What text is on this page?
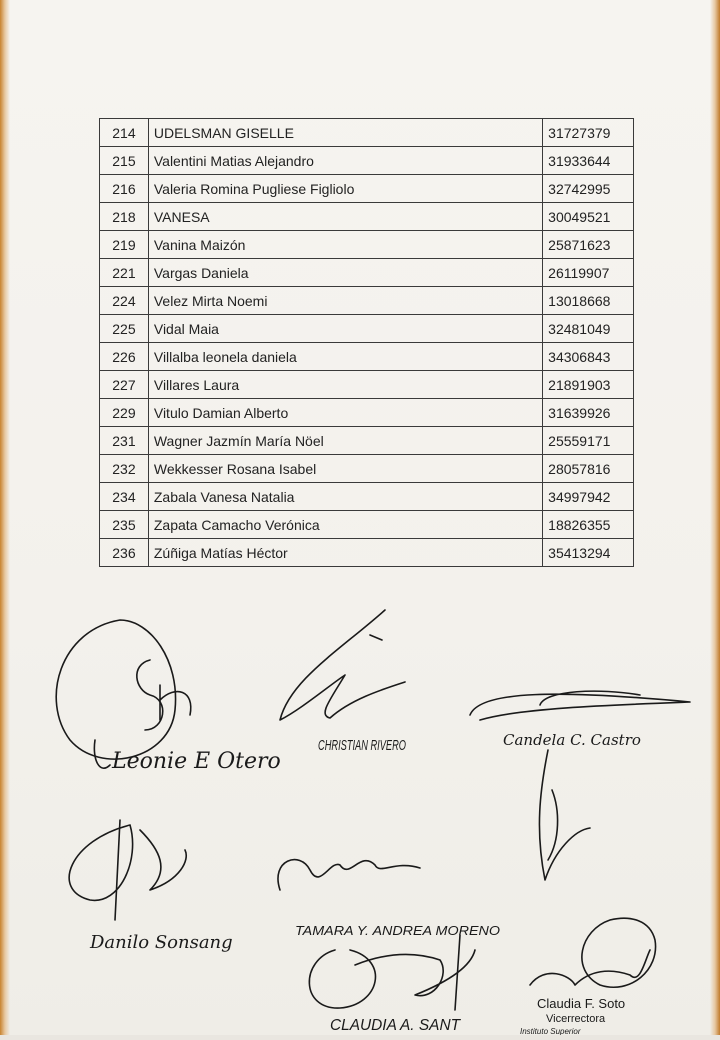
214	UDELSMAN GISELLE	31727379
215	Valentini Matias Alejandro	31933644
216	Valeria Romina Pugliese Figliolo	32742995
218	VANESA	30049521
219	Vanina Maizón	25871623
221	Vargas Daniela	26119907
224	Velez Mirta Noemi	13018668
225	Vidal Maia	32481049
226	Villalba leonela daniela	34306843
227	Villares Laura	21891903
229	Vitulo Damian Alberto	31639926
231	Wagner Jazmín María Nöel	25559171
232	Wekkesser Rosana Isabel	28057816
234	Zabala Vanesa Natalia	34997942
235	Zapata Camacho Verónica	18826355
236	Zúñiga Matías Héctor	35413294
Leonie E Otero
CHRISTIAN RIVERO	Candela C. Castro
Danilo Sonsang
TAMARA Y. ANDREA MORENO
CLAUDIA A. SANT
Claudia F. Soto
Vicerrectora
Instituto Superior
